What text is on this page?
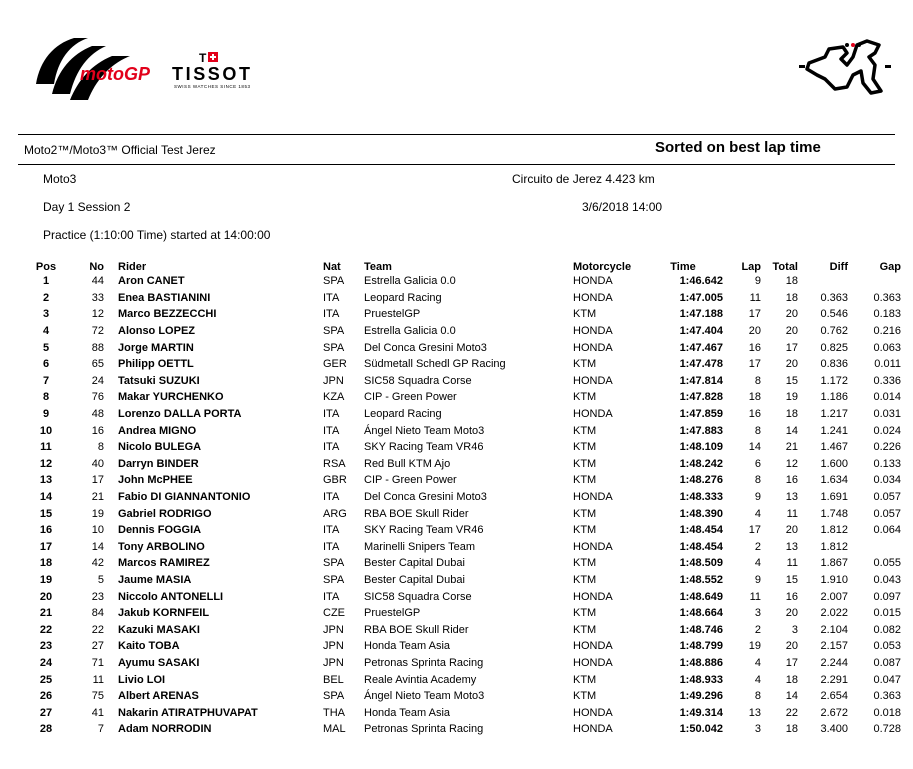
motoGP
T
TISSOT
SWISS WATCHES SINCE 1853
Moto2™/Moto3™ Official Test Jerez	Sorted on best lap time
Moto3	Circuito de Jerez 4.423 km
Day 1 Session 2	3/6/2018 14:00
Practice (1:10:00 Time) started at 14:00:00
Pos	No	Rider	Nat	Team	Motorcycle	Time	Lap	Total	Diff	Gap
1	44	Aron CANET	SPA	Estrella Galicia 0.0	HONDA	1:46.642	9	18		
2	33	Enea BASTIANINI	ITA	Leopard Racing	HONDA	1:47.005	11	18	0.363	0.363
3	12	Marco BEZZECCHI	ITA	PruestelGP	KTM	1:47.188	17	20	0.546	0.183
4	72	Alonso LOPEZ	SPA	Estrella Galicia 0.0	HONDA	1:47.404	20	20	0.762	0.216
5	88	Jorge MARTIN	SPA	Del Conca Gresini Moto3	HONDA	1:47.467	16	17	0.825	0.063
6	65	Philipp OETTL	GER	Südmetall Schedl GP Racing	KTM	1:47.478	17	20	0.836	0.011
7	24	Tatsuki SUZUKI	JPN	SIC58 Squadra Corse	HONDA	1:47.814	8	15	1.172	0.336
8	76	Makar YURCHENKO	KZA	CIP - Green Power	KTM	1:47.828	18	19	1.186	0.014
9	48	Lorenzo DALLA PORTA	ITA	Leopard Racing	HONDA	1:47.859	16	18	1.217	0.031
10	16	Andrea MIGNO	ITA	Ángel Nieto Team Moto3	KTM	1:47.883	8	14	1.241	0.024
11	8	Nicolo BULEGA	ITA	SKY Racing Team VR46	KTM	1:48.109	14	21	1.467	0.226
12	40	Darryn BINDER	RSA	Red Bull KTM Ajo	KTM	1:48.242	6	12	1.600	0.133
13	17	John McPHEE	GBR	CIP - Green Power	KTM	1:48.276	8	16	1.634	0.034
14	21	Fabio DI GIANNANTONIO	ITA	Del Conca Gresini Moto3	HONDA	1:48.333	9	13	1.691	0.057
15	19	Gabriel RODRIGO	ARG	RBA BOE Skull Rider	KTM	1:48.390	4	11	1.748	0.057
16	10	Dennis FOGGIA	ITA	SKY Racing Team VR46	KTM	1:48.454	17	20	1.812	0.064
17	14	Tony ARBOLINO	ITA	Marinelli Snipers Team	HONDA	1:48.454	2	13	1.812	
18	42	Marcos RAMIREZ	SPA	Bester Capital Dubai	KTM	1:48.509	4	11	1.867	0.055
19	5	Jaume MASIA	SPA	Bester Capital Dubai	KTM	1:48.552	9	15	1.910	0.043
20	23	Niccolo ANTONELLI	ITA	SIC58 Squadra Corse	HONDA	1:48.649	11	16	2.007	0.097
21	84	Jakub KORNFEIL	CZE	PruestelGP	KTM	1:48.664	3	20	2.022	0.015
22	22	Kazuki MASAKI	JPN	RBA BOE Skull Rider	KTM	1:48.746	2	3	2.104	0.082
23	27	Kaito TOBA	JPN	Honda Team Asia	HONDA	1:48.799	19	20	2.157	0.053
24	71	Ayumu SASAKI	JPN	Petronas Sprinta Racing	HONDA	1:48.886	4	17	2.244	0.087
25	11	Livio LOI	BEL	Reale Avintia Academy	KTM	1:48.933	4	18	2.291	0.047
26	75	Albert ARENAS	SPA	Ángel Nieto Team Moto3	KTM	1:49.296	8	14	2.654	0.363
27	41	Nakarin ATIRATPHUVAPAT	THA	Honda Team Asia	HONDA	1:49.314	13	22	2.672	0.018
28	7	Adam NORRODIN	MAL	Petronas Sprinta Racing	HONDA	1:50.042	3	18	3.400	0.728
